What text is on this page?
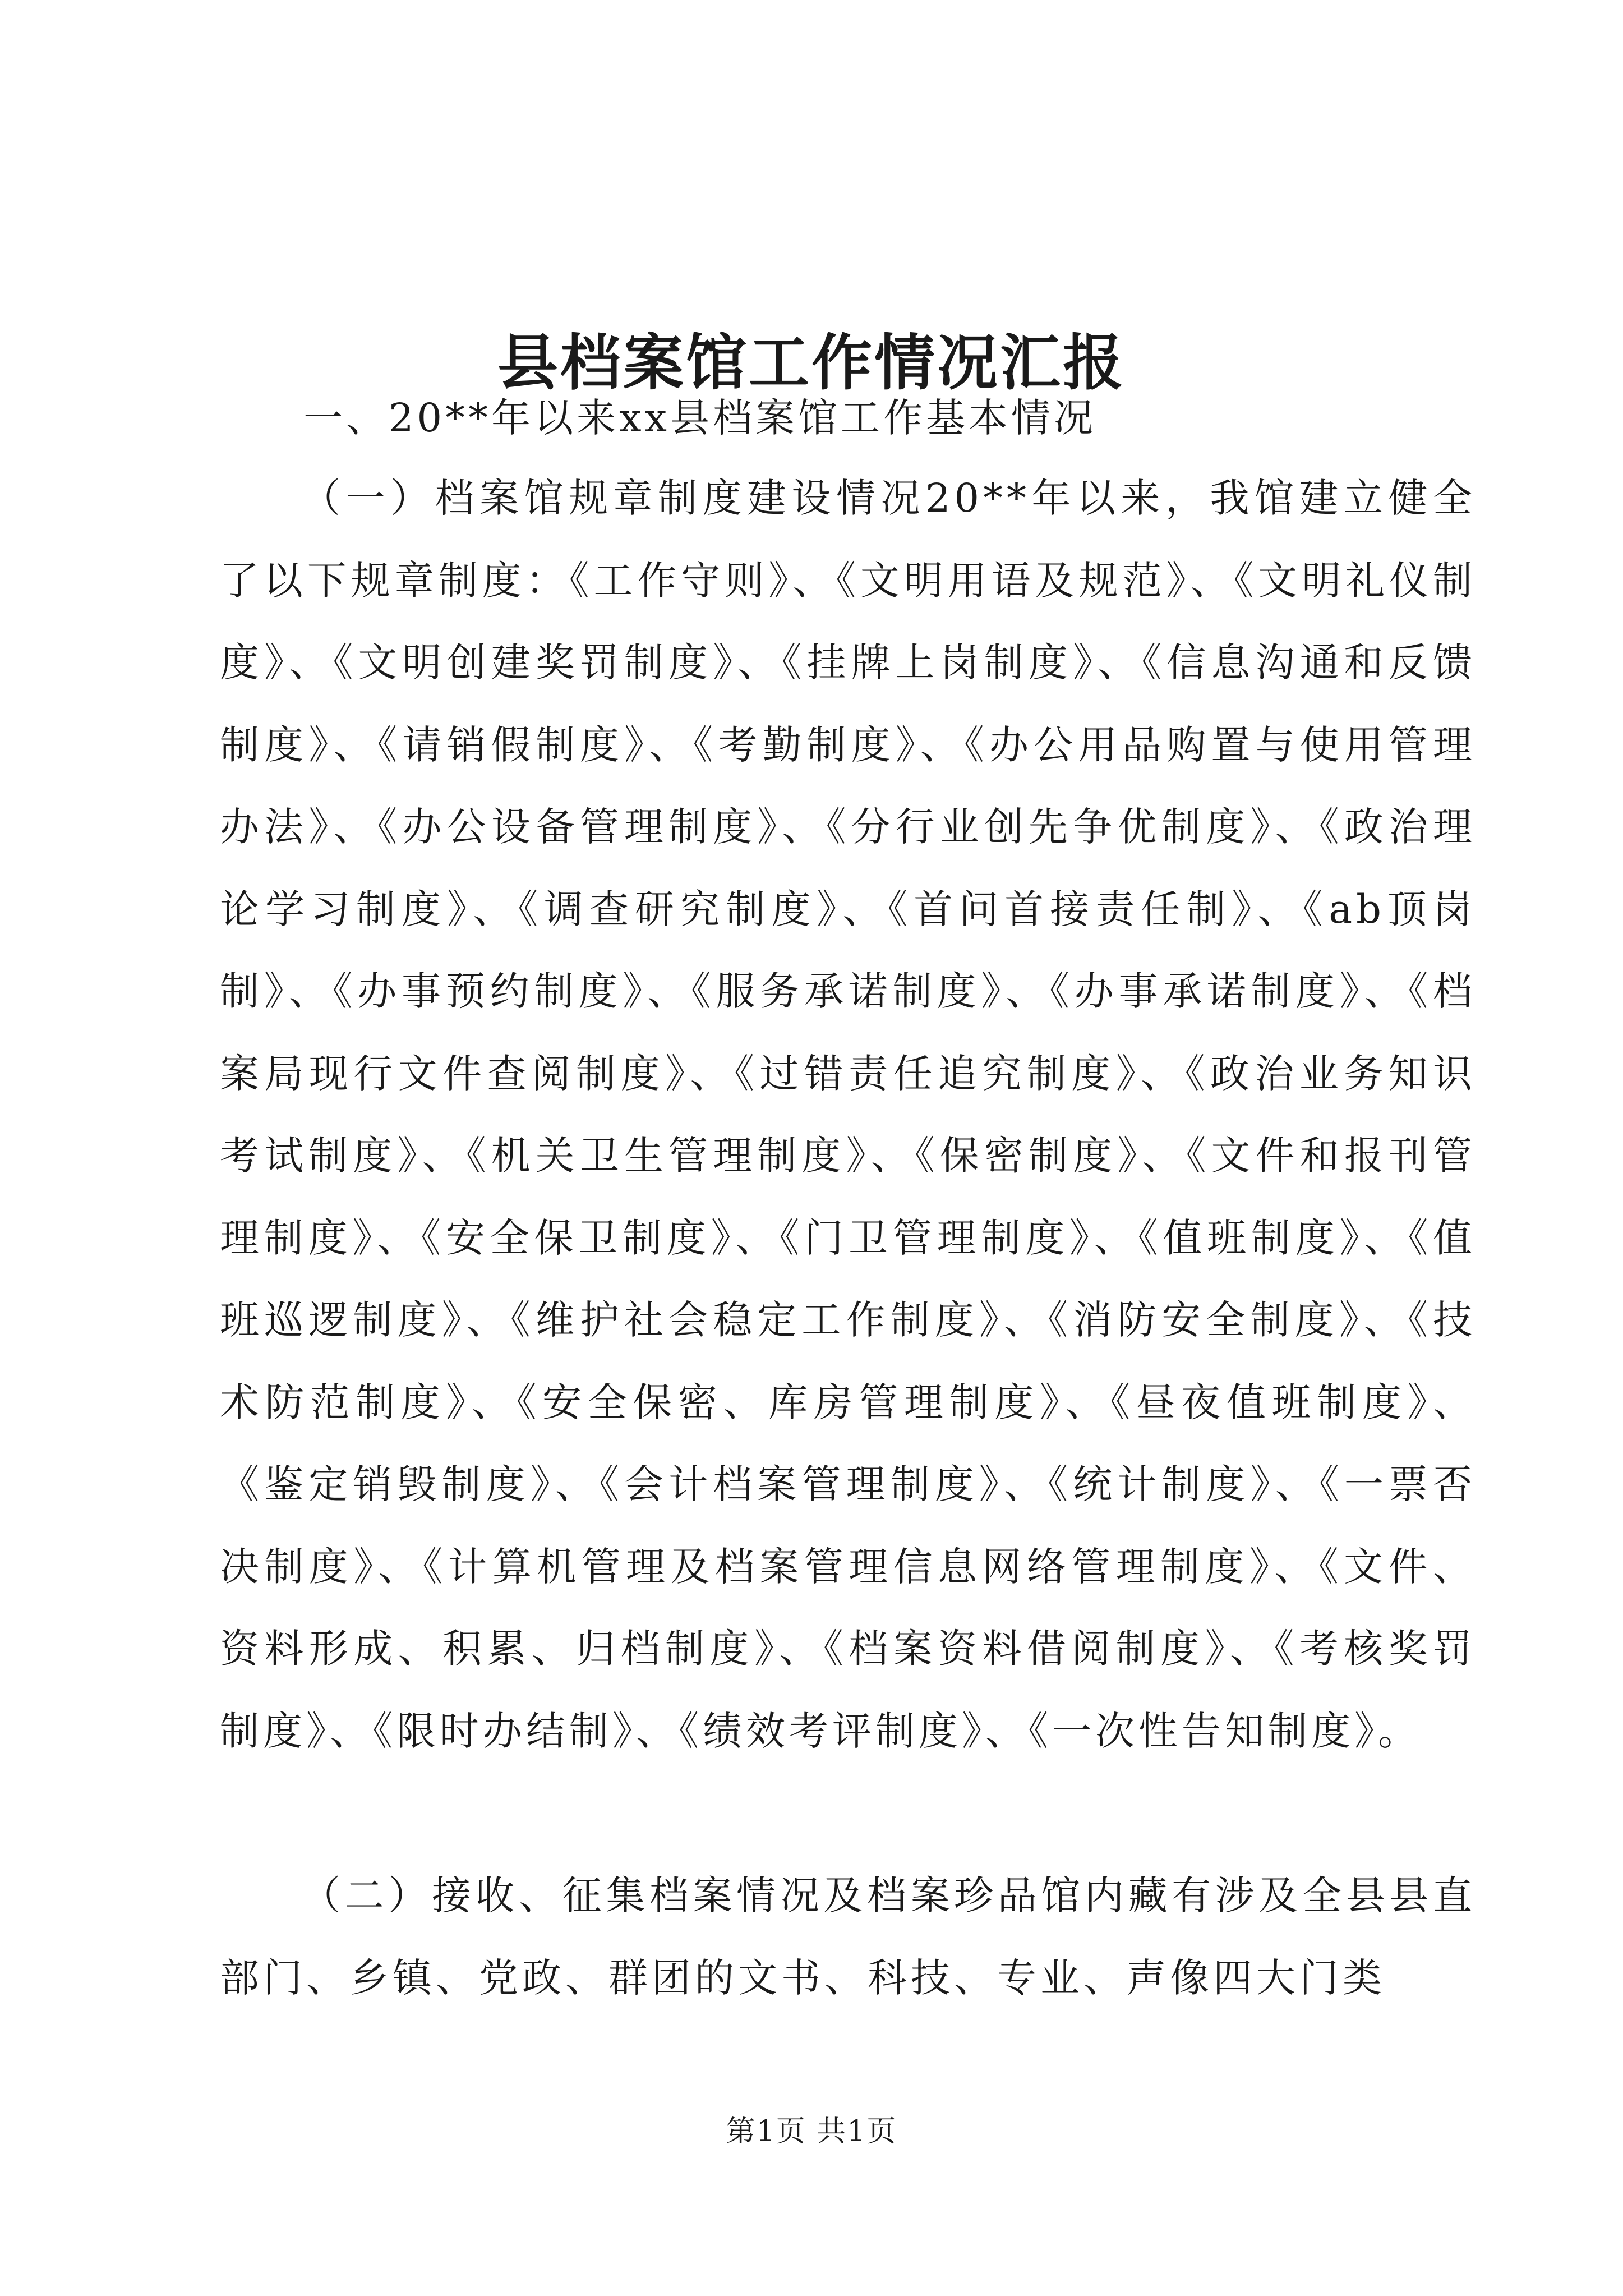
县档案馆工作情况汇报
一、20**年以来xx县档案馆工作基本情况

（一）档案馆规章制度建设情况20**年以来，我馆建立健全了以下规章制度：《工作守则》、《文明用语及规范》、《文明礼仪制度》、《文明创建奖罚制度》、《挂牌上岗制度》、《信息沟通和反馈制度》、《请销假制度》、《考勤制度》、《办公用品购置与使用管理办法》、《办公设备管理制度》、《分行业创先争优制度》、《政治理论学习制度》、《调查研究制度》、《首问首接责任制》、《ab顶岗制》、《办事预约制度》、《服务承诺制度》、《办事承诺制度》、《档案局现行文件查阅制度》、《过错责任追究制度》、《政治业务知识考试制度》、《机关卫生管理制度》、《保密制度》、《文件和报刊管理制度》、《安全保卫制度》、《门卫管理制度》、《值班制度》、《值班巡逻制度》、《维护社会稳定工作制度》、《消防安全制度》、《技术防范制度》、《安全保密、库房管理制度》、《昼夜值班制度》、《鉴定销毁制度》、《会计档案管理制度》、《统计制度》、《一票否决制度》、《计算机管理及档案管理信息网络管理制度》、《文件、资料形成、积累、归档制度》、《档案资料借阅制度》、《考核奖罚制度》、《限时办结制》、《绩效考评制度》、《一次性告知制度》。

（二）接收、征集档案情况及档案珍品馆内藏有涉及全县县直部门、乡镇、党政、群团的文书、科技、专业、声像四大门类

第1页 共1页
